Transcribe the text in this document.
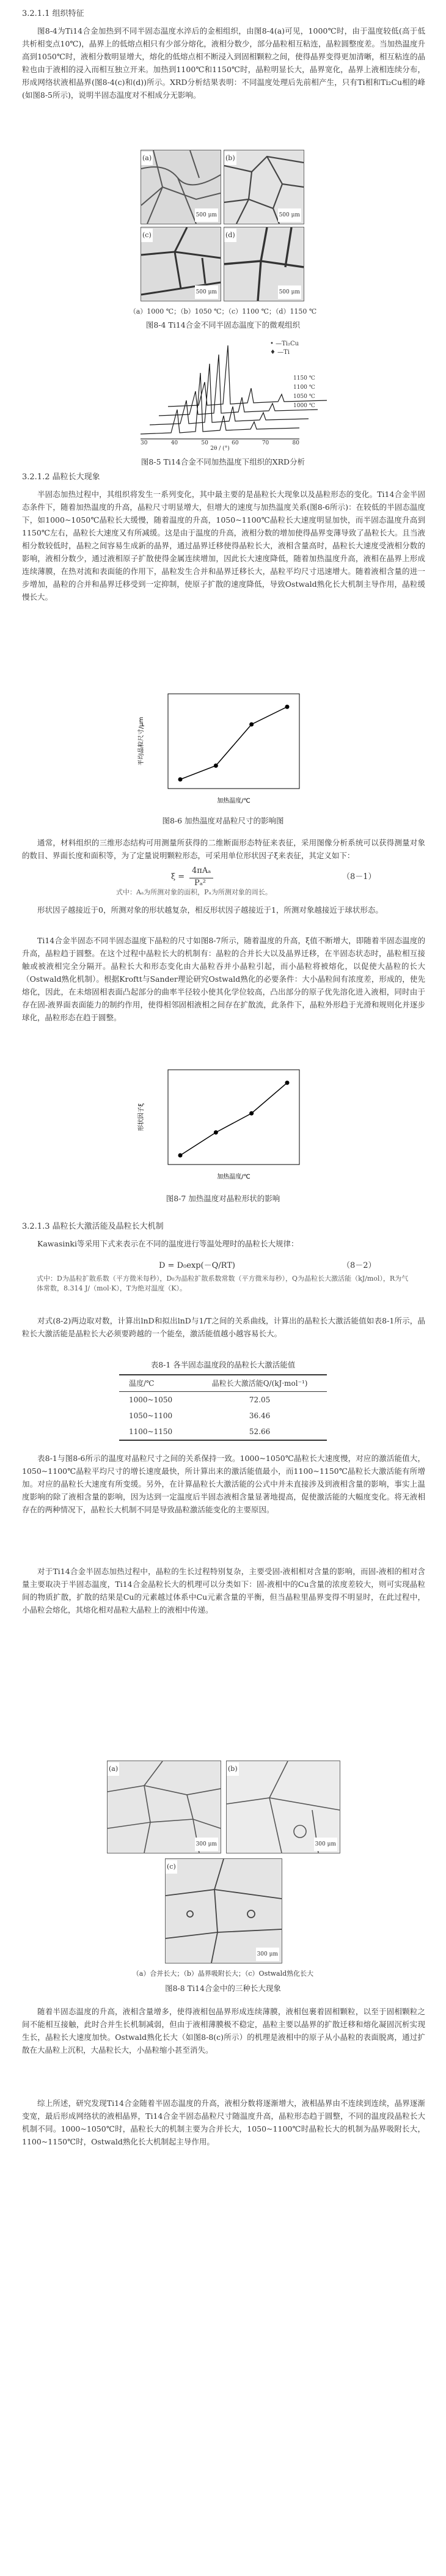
3.2.1.1 组织特征

图8-4为Ti14合金加热到不同半固态温度水淬后的金相组织，由图8-4(a)可见，1000℃时，由于温度较低(高于低共析相变点10℃)，晶界上的低熔点相只有少部分熔化，液相分数少，部分晶粒相互粘连，晶粒圆整度差。当加热温度升高到1050℃时，液相分数明显增大，熔化的低熔点相不断浸入到固相颗粒之间，使得晶界变得更加清晰，相互粘连的晶粒也由于液相的浸入而相互独立开来。加热到1100℃和1150℃时，晶粒明显长大，晶界宽化，晶界上液相连续分布，形成网络状液相晶界(图8-4(c)和(d))所示。XRD分析结果表明：不同温度处理后先前相产生，只有Ti相和Ti₂Cu相的峰(如图8-5所示)，说明半固态温度对不相成分无影响。

(a)
500 μm
(b)
500 μm
(c)
500 μm
(d)
500 μm
（a）1000 ℃；（b）1050 ℃；（c）1100 ℃；（d）1150 ℃
图8-4 Ti14合金不同半固态温度下的微观组织
• —Ti₂Cu
♦ —Ti
1150 ℃
1100 ℃
1050 ℃
1000 ℃
30	40	50	60	70	80
2θ / (°)
图8-5 Ti14合金不同加热温度下组织的XRD分析
3.2.1.2 晶粒长大现象

半固态加热过程中，其组织将发生一系列变化，其中最主要的是晶粒长大现象以及晶粒形态的变化。Ti14合金半固态条件下，随着加热温度的升高，晶粒尺寸明显增大，但增大的速度与加热温度关系(图8-6所示)：在较低的半固态温度下，如1000~1050℃晶粒长大缓慢，随着温度的升高，1050~1100℃晶粒长大速度明显加快，而半固态温度升高到1150℃左右，晶粒长大速度又有所减缓。这是由于温度的升高，液相分数的增加使得晶界变薄导致了晶粒长大。且当液相分数较低时，晶粒之间容易生成新的晶界，通过晶界迁移使得晶粒长大，液相含量高时，晶粒长大速度受液相分数的影响，液相分数少，通过液相原子扩散使得金属连续增加，因此长大速度降低，随着加热温度升高，液相在晶界上形成连续薄膜，在热对流和表面能的作用下，晶粒发生合并和晶界迁移长大，晶粒平均尺寸迅速增大。随着液相含量的进一步增加，晶粒的合并和晶界迁移受到一定抑制，使原子扩散的速度降低，导致Ostwald熟化长大机制主导作用，晶粒缓慢长大。

加热温度/℃
平均晶粒尺寸/μm
图8-6 加热温度对晶粒尺寸的影响图

通常，材料组织的三维形态结构可用测量所获得的二维断面形态特征来表征，采用图像分析系统可以获得测量对象的数目、界面长度和面积等，为了定量说明颗粒形态，可采用单位形状因子ξ来表征，其定义如下：

ξ =
4πAₐ
Pₐ²
（8－1）
式中：Aₐ为所测对象的面积，Pₐ为所测对象的周长。

形状因子越接近于0，所测对象的形状越复杂，相反形状因子越接近于1，所测对象越接近于球状形态。

Ti14合金半固态不同半固态温度下晶粒的尺寸如图8-7所示，随着温度的升高，ξ值不断增大，即随着半固态温度的升高，晶粒趋于圆整。在这个过程中晶粒长大的机制有：晶粒的合并长大以及晶界迁移，在半固态状态时，晶粒相互接触或被液相完全分隔开。晶粒长大和形态变化由大晶粒吞并小晶粒引起，而小晶粒将被熔化，以促使大晶粒的长大（Ostwald熟化机制）。根据Kroftt与Sander理论研究Ostwald熟化的必要条件：大小晶粒间有浓度差，形成的，使先熔化，因此，在未熔固相表面凸起部分的曲率半径较小使其化学位较高，凸出部分的原子优先溶化进入液相，同时由于存在固-液界面表面能力的制约作用，使得相邻固相液相之间存在扩散流，此条件下，晶粒外形趋于光滑和规则化并逐步球化，晶粒形态在趋于圆整。

加热温度/℃
形状因子ξ
图8-7 加热温度对晶粒形状的影响
3.2.1.3 晶粒长大激活能及晶粒长大机制

Kawasinki等采用下式来表示在不同的温度进行等温处理时的晶粒长大规律：

D = D₀exp(－Q/RT)	（8－2）
式中：D为晶粒扩散系数（平方微米每秒），D₀为晶粒扩散系数常数（平方微米每秒），Q为晶粒长大激活能（kJ/mol），R为气体常数，8.314 J/（mol·K），T为绝对温度（K）。

对式(8-2)两边取对数，计算出lnD和拟出lnD与1/T之间的关系曲线，计算出的晶粒长大激活能值如表8-1所示，晶粒长大激活能是晶粒长大必须要跨越的一个能垒，激活能值越小越容易长大。

表8-1 各半固态温度段的晶粒长大激活能值
温度/℃	晶粒长大激活能Q/(kJ·mol⁻¹)
1000~1050	72.05
1050~1100	36.46
1100~1150	52.66

表8-1与图8-6所示的温度对晶粒尺寸之间的关系保持一致。1000~1050℃晶粒长大速度慢，对应的激活能值大，1050~1100℃晶粒平均尺寸的增长速度最快，所计算出来的激活能值最小，而1100~1150℃晶粒长大激活能有所增加。对应的晶粒长大速度有所变缓。另外，在计算晶粒长大激活能的公式中并未直接涉及到液相含量的影响，事实上温度影响的除了液相含量的影响，因为达到一定温度后半固态液相含量显著地提高，促使激活能的大幅度变化。将无液相存在的两种情况下，晶粒长大机制不同是导致晶粒激活能变化的主要原因。

对于Ti14合金半固态加热过程中，晶粒的生长过程特别复杂，主要受固-液相相对含量的影响，而固-液相的相对含量主要取决于半固态温度，Ti14合金晶粒长大的机理可以分类如下：固-液相中的Cu含量的浓度差较大，则可实现晶粒间的物质扩散，扩散的结果是Cu的元素越过体系中Cu元素含量的平衡，但当晶粒里晶界变得不明显时，在此过程中，小晶粒会熔化，其熔化相对晶粒大晶粒上的液相中传递。

(a)
300 μm
(b)
300 μm
(c)
300 μm
（a）合并长大；（b）晶界吸附长大；（c）Ostwald熟化长大
图8-8 Ti14合金中的三种长大现象

随着半固态温度的升高，液相含量增多，使得液相包晶界形成连续薄膜，液相包裹着固相颗粒，以至于固相颗粒之间不能相互接触，此时合并生长机制减弱，但由于液相薄膜极不稳定，晶粒主要以晶界的扩散迁移和熔化凝固沉析实现生长，晶粒长大速度加快。Ostwald熟化长大（如图8-8(c)所示）的机理是液相中的原子从小晶粒的表面脱离，通过扩散在大晶粒上沉积，大晶粒长大，小晶粒缩小甚至消失。

综上所述，研究发现Ti14合金随着半固态温度的升高，液相分数将逐渐增大，液相晶界由不连续到连续，晶界逐渐变宽，最后形成网络状的液相晶界，Ti14合金半固态晶粒尺寸随温度升高，晶粒形态趋于圆整，不同的温度段晶粒长大机制不同。1000~1050℃时，晶粒长大的机制主要为合并长大，1050~1100℃时晶粒长大的机制为晶界吸附长大，1100~1150℃时，Ostwald熟化长大机制起主导作用。
